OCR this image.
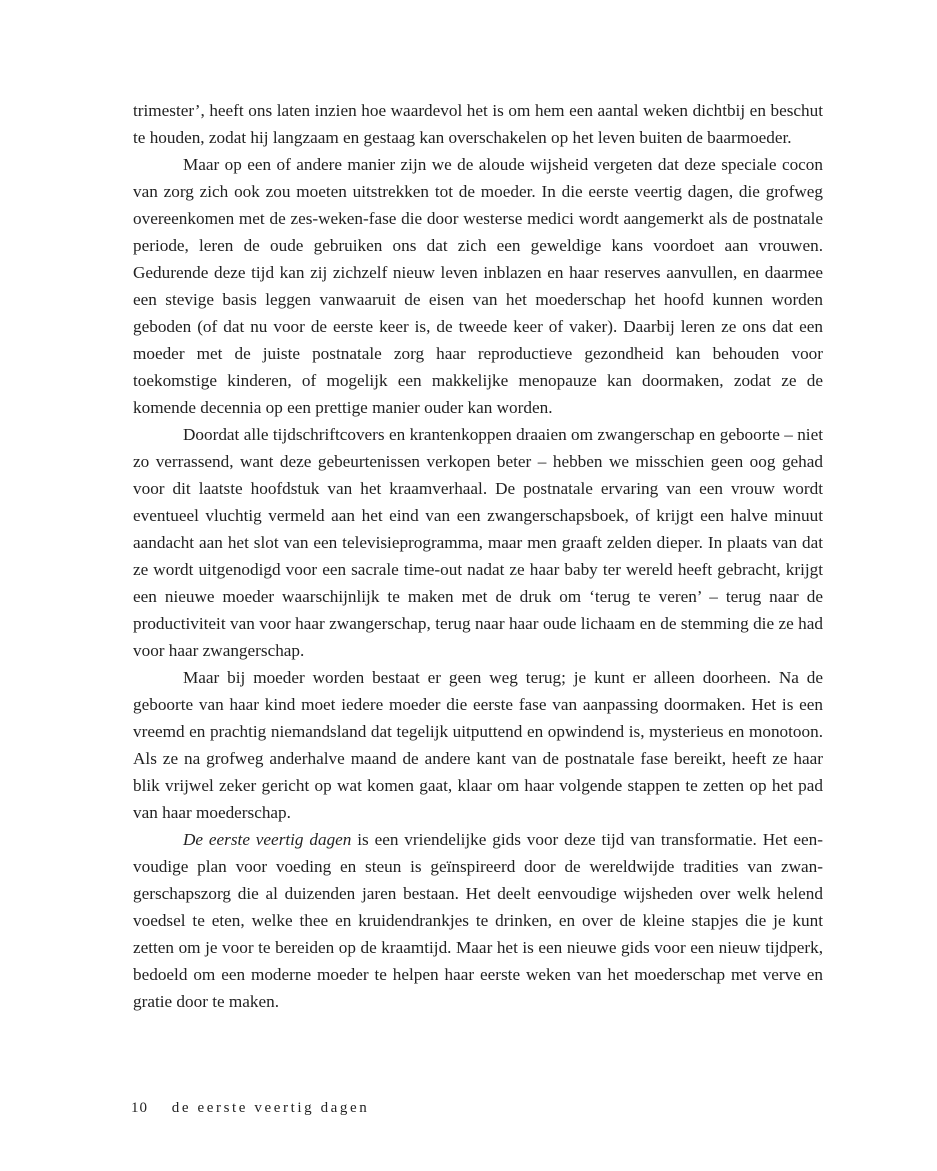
trimester’, heeft ons laten inzien hoe waardevol het is om hem een aantal weken dichtbij en beschut te houden, zodat hij langzaam en gestaag kan overschakelen op het leven buiten de baarmoeder.

Maar op een of andere manier zijn we de aloude wijsheid vergeten dat deze speciale cocon van zorg zich ook zou moeten uitstrekken tot de moeder. In die eerste veertig dagen, die grofweg overeenkomen met de zes-weken-fase die door westerse medici wordt aangemerkt als de postnatale periode, leren de oude gebruiken ons dat zich een geweldige kans voordoet aan vrouwen. Gedurende deze tijd kan zij zichzelf nieuw leven inblazen en haar reserves aanvullen, en daarmee een stevige basis leggen vanwaaruit de eisen van het moederschap het hoofd kunnen worden geboden (of dat nu voor de eerste keer is, de tweede keer of vaker). Daarbij leren ze ons dat een moeder met de juiste postnatale zorg haar reproductieve gezondheid kan behouden voor toekomstige kinderen, of mogelijk een makkelijke menopauze kan doormaken, zodat ze de komende decennia op een prettige manier ouder kan worden.

Doordat alle tijdschriftcovers en krantenkoppen draaien om zwangerschap en geboorte – niet zo verrassend, want deze gebeurtenissen verkopen beter – hebben we misschien geen oog gehad voor dit laatste hoofdstuk van het kraamverhaal. De postnatale ervaring van een vrouw wordt eventueel vluchtig vermeld aan het eind van een zwangerschapsboek, of krijgt een halve minuut aandacht aan het slot van een televisieprogramma, maar men graaft zelden dieper. In plaats van dat ze wordt uitgenodigd voor een sacrale time-out nadat ze haar baby ter wereld heeft gebracht, krijgt een nieuwe moeder waarschijnlijk te maken met de druk om ‘terug te veren’ – terug naar de productiviteit van voor haar zwangerschap, terug naar haar oude lichaam en de stemming die ze had voor haar zwangerschap.

Maar bij moeder worden bestaat er geen weg terug; je kunt er alleen doorheen. Na de geboorte van haar kind moet iedere moeder die eerste fase van aanpassing doormaken. Het is een vreemd en prachtig niemandsland dat tegelijk uitputtend en opwindend is, mysterieus en monotoon. Als ze na grofweg anderhalve maand de andere kant van de postnatale fase bereikt, heeft ze haar blik vrijwel zeker gericht op wat komen gaat, klaar om haar volgende stappen te zetten op het pad van haar moederschap.

De eerste veertig dagen is een vriendelijke gids voor deze tijd van transformatie. Het eenvoudige plan voor voeding en steun is geïnspireerd door de wereldwijde tradities van zwangerschapszorg die al duizenden jaren bestaan. Het deelt eenvoudige wijsheden over welk helend voedsel te eten, welke thee en kruidendrankjes te drinken, en over de kleine stapjes die je kunt zetten om je voor te bereiden op de kraamtijd. Maar het is een nieuwe gids voor een nieuw tijdperk, bedoeld om een moderne moeder te helpen haar eerste weken van het moederschap met verve en gratie door te maken.

10 de eerste veertig dagen
